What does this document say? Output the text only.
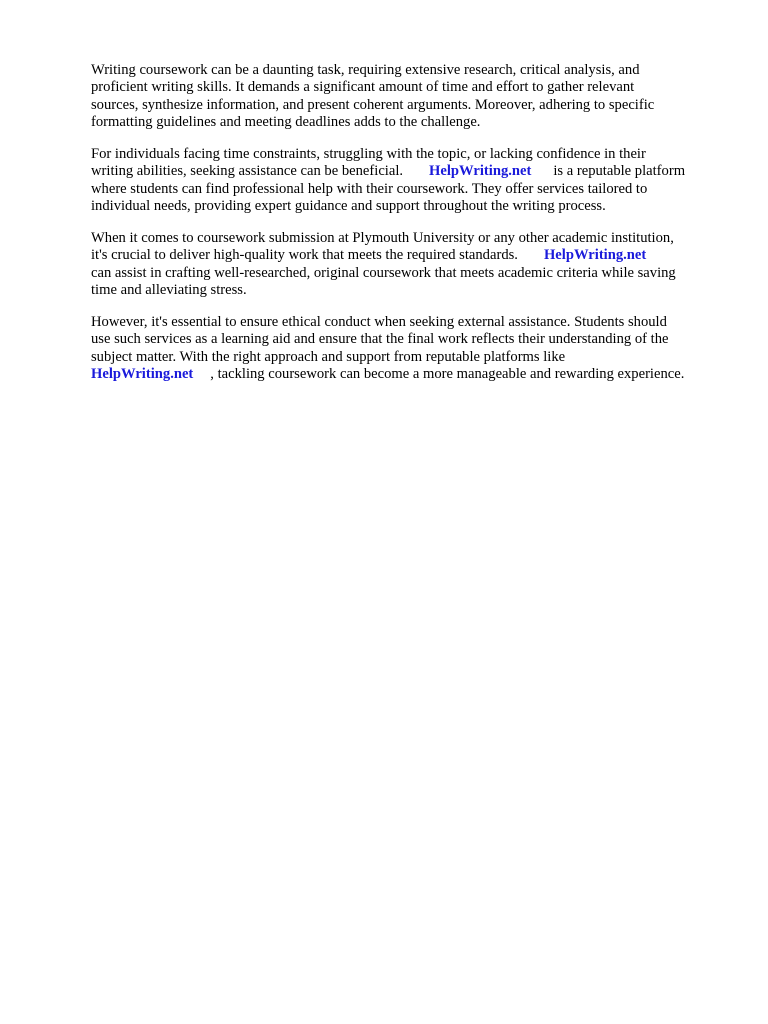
Writing coursework can be a daunting task, requiring extensive research, critical analysis, and
proficient writing skills. It demands a significant amount of time and effort to gather relevant
sources, synthesize information, and present coherent arguments. Moreover, adhering to specific
formatting guidelines and meeting deadlines adds to the challenge.
For individuals facing time constraints, struggling with the topic, or lacking confidence in their
writing abilities, seeking assistance can be beneficial. HelpWriting.net is a reputable platform
where students can find professional help with their coursework. They offer services tailored to
individual needs, providing expert guidance and support throughout the writing process.
When it comes to coursework submission at Plymouth University or any other academic institution,
it's crucial to deliver high-quality work that meets the required standards. HelpWriting.net
can assist in crafting well-researched, original coursework that meets academic criteria while saving
time and alleviating stress.
However, it's essential to ensure ethical conduct when seeking external assistance. Students should
use such services as a learning aid and ensure that the final work reflects their understanding of the
subject matter. With the right approach and support from reputable platforms like
HelpWriting.net , tackling coursework can become a more manageable and rewarding experience.
